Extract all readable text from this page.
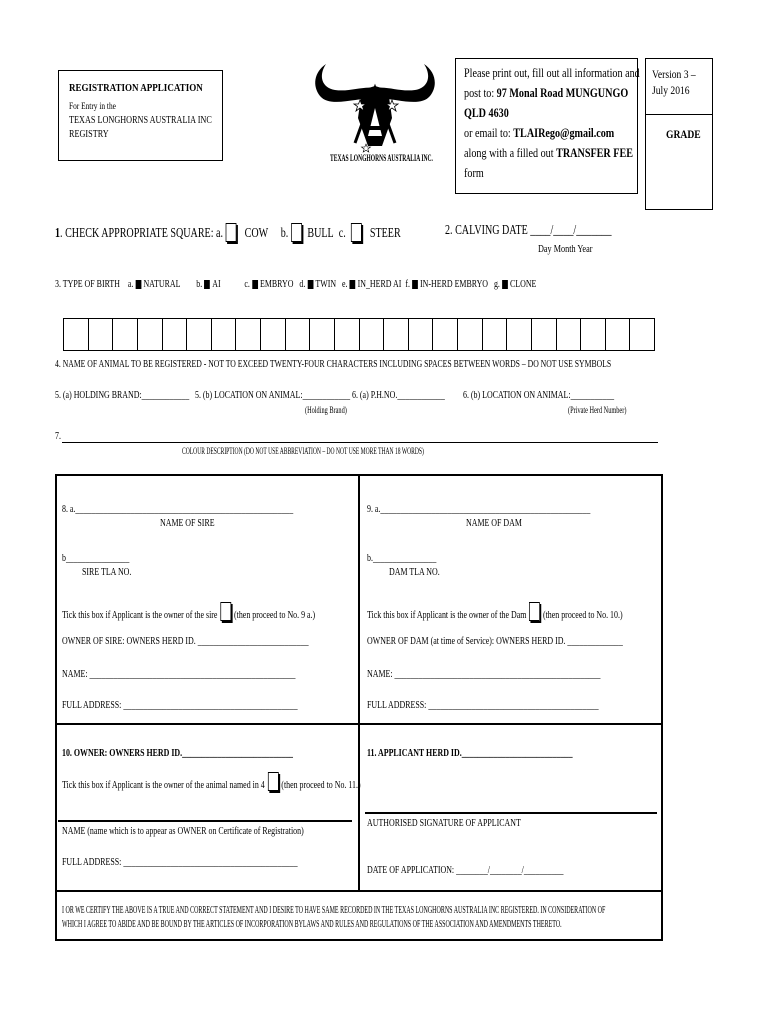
REGISTRATION APPLICATION
For Entry in the
TEXAS LONGHORNS AUSTRALIA INC
REGISTRY
TEXAS LONGHORNS AUSTRALIA INC.
Please print out, fill out all information and
post to: 97 Monal Road MUNGUNGO
QLD 4630
or email to: TLAIRego@gmail.com
along with a filled out TRANSFER FEE
form
Version 3 –
July 2016
GRADE
1. CHECK APPROPRIATE SQUARE: a. COW b. BULL c. STEER	2. CALVING DATE ____/____/_______
Day Month Year
3. TYPE OF BIRTH a. NATURAL b. AI c. EMBRYO d. TWIN e. IN_HERD AI f. IN-HERD EMBRYO g. CLONE
4. NAME OF ANIMAL TO BE REGISTERED - NOT TO EXCEED TWENTY-FOUR CHARACTERS INCLUDING SPACES BETWEEN WORDS – DO NOT USE SYMBOLS
5. (a) HOLDING BRAND:____________ 5. (b) LOCATION ON ANIMAL:____________
(Holding Brand)
6. (a) P.H.NO.____________ 6. (b) LOCATION ON ANIMAL:___________
(Private Herd Number)
7.
COLOUR DESCRIPTION (DO NOT USE ABBREVIATION – DO NOT USE MORE THAN 18 WORDS)
8. a._______________________________________________________
NAME OF SIRE
b________________
SIRE TLA NO.
Tick this box if Applicant is the owner of the sire (then proceed to No. 9 a.)
OWNER OF SIRE: OWNERS HERD ID. ____________________________
NAME: ____________________________________________________
FULL ADDRESS: ____________________________________________
9. a._____________________________________________________
NAME OF DAM
b.________________
DAM TLA NO.
Tick this box if Applicant is the owner of the Dam (then proceed to No. 10.)
OWNER OF DAM (at time of Service): OWNERS HERD ID. ______________
NAME: ____________________________________________________
FULL ADDRESS: ___________________________________________
10. OWNER: OWNERS HERD ID.____________________________
Tick this box if Applicant is the owner of the animal named in 4 (then proceed to No. 11.)
NAME (name which is to appear as OWNER on Certificate of Registration)
FULL ADDRESS: ____________________________________________
11. APPLICANT HERD ID.____________________________
AUTHORISED SIGNATURE OF APPLICANT
DATE OF APPLICATION: ________/________/__________
I OR WE CERTIFY THE ABOVE IS A TRUE AND CORRECT STATEMENT AND I DESIRE TO HAVE SAME RECORDED IN THE TEXAS LONGHORNS AUSTRALIA INC REGISTERED. IN CONSIDERATION OF
WHICH I AGREE TO ABIDE AND BE BOUND BY THE ARTICLES OF INCORPORATION BYLAWS AND RULES AND REGULATIONS OF THE ASSOCIATION AND AMENDMENTS THERETO.
